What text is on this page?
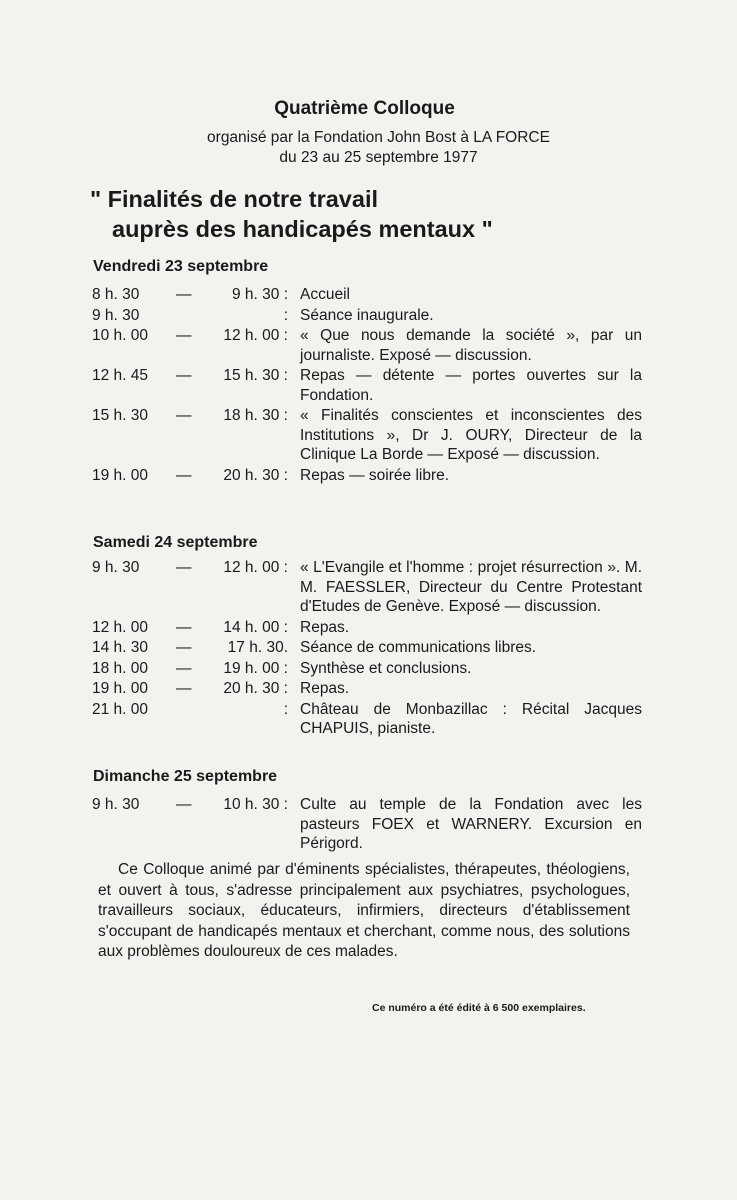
Quatrième Colloque
organisé par la Fondation John Bost à LA FORCE
du 23 au 25 septembre 1977
" Finalités de notre travail
auprès des handicapés mentaux "
Vendredi 23 septembre
8 h. 30	—	9 h. 30 : Accueil
9 h. 30	: Séance inaugurale.
10 h. 00	—	12 h. 00 : « Que nous demande la société », par un journaliste. Exposé — discussion.
12 h. 45	—	15 h. 30 : Repas — détente — portes ouvertes sur la Fondation.
15 h. 30	—	18 h. 30 : « Finalités conscientes et inconscientes des Institutions », Dr J. OURY, Directeur de la Clinique La Borde — Exposé — discussion.
19 h. 00	—	20 h. 30 : Repas — soirée libre.
Samedi 24 septembre
9 h. 30	—	12 h. 00 : « L'Evangile et l'homme : projet résurrection ». M. M. FAESSLER, Directeur du Centre Protestant d'Etudes de Genève. Exposé — discussion.
12 h. 00	—	14 h. 00 : Repas.
14 h. 30	—	17 h. 30. Séance de communications libres.
18 h. 00	—	19 h. 00 : Synthèse et conclusions.
19 h. 00	—	20 h. 30 : Repas.
21 h. 00	: Château de Monbazillac : Récital Jacques CHAPUIS, pianiste.
Dimanche 25 septembre
9 h. 30	—	10 h. 30 : Culte au temple de la Fondation avec les pasteurs FOEX et WARNERY. Excursion en Périgord.
Ce Colloque animé par d'éminents spécialistes, thérapeutes, théologiens, et ouvert à tous, s'adresse principalement aux psychiatres, psychologues, travailleurs sociaux, éducateurs, infirmiers, directeurs d'établissement s'occupant de handicapés mentaux et cherchant, comme nous, des solutions aux problèmes douloureux de ces malades.
Ce numéro a été édité à 6 500 exemplaires.
